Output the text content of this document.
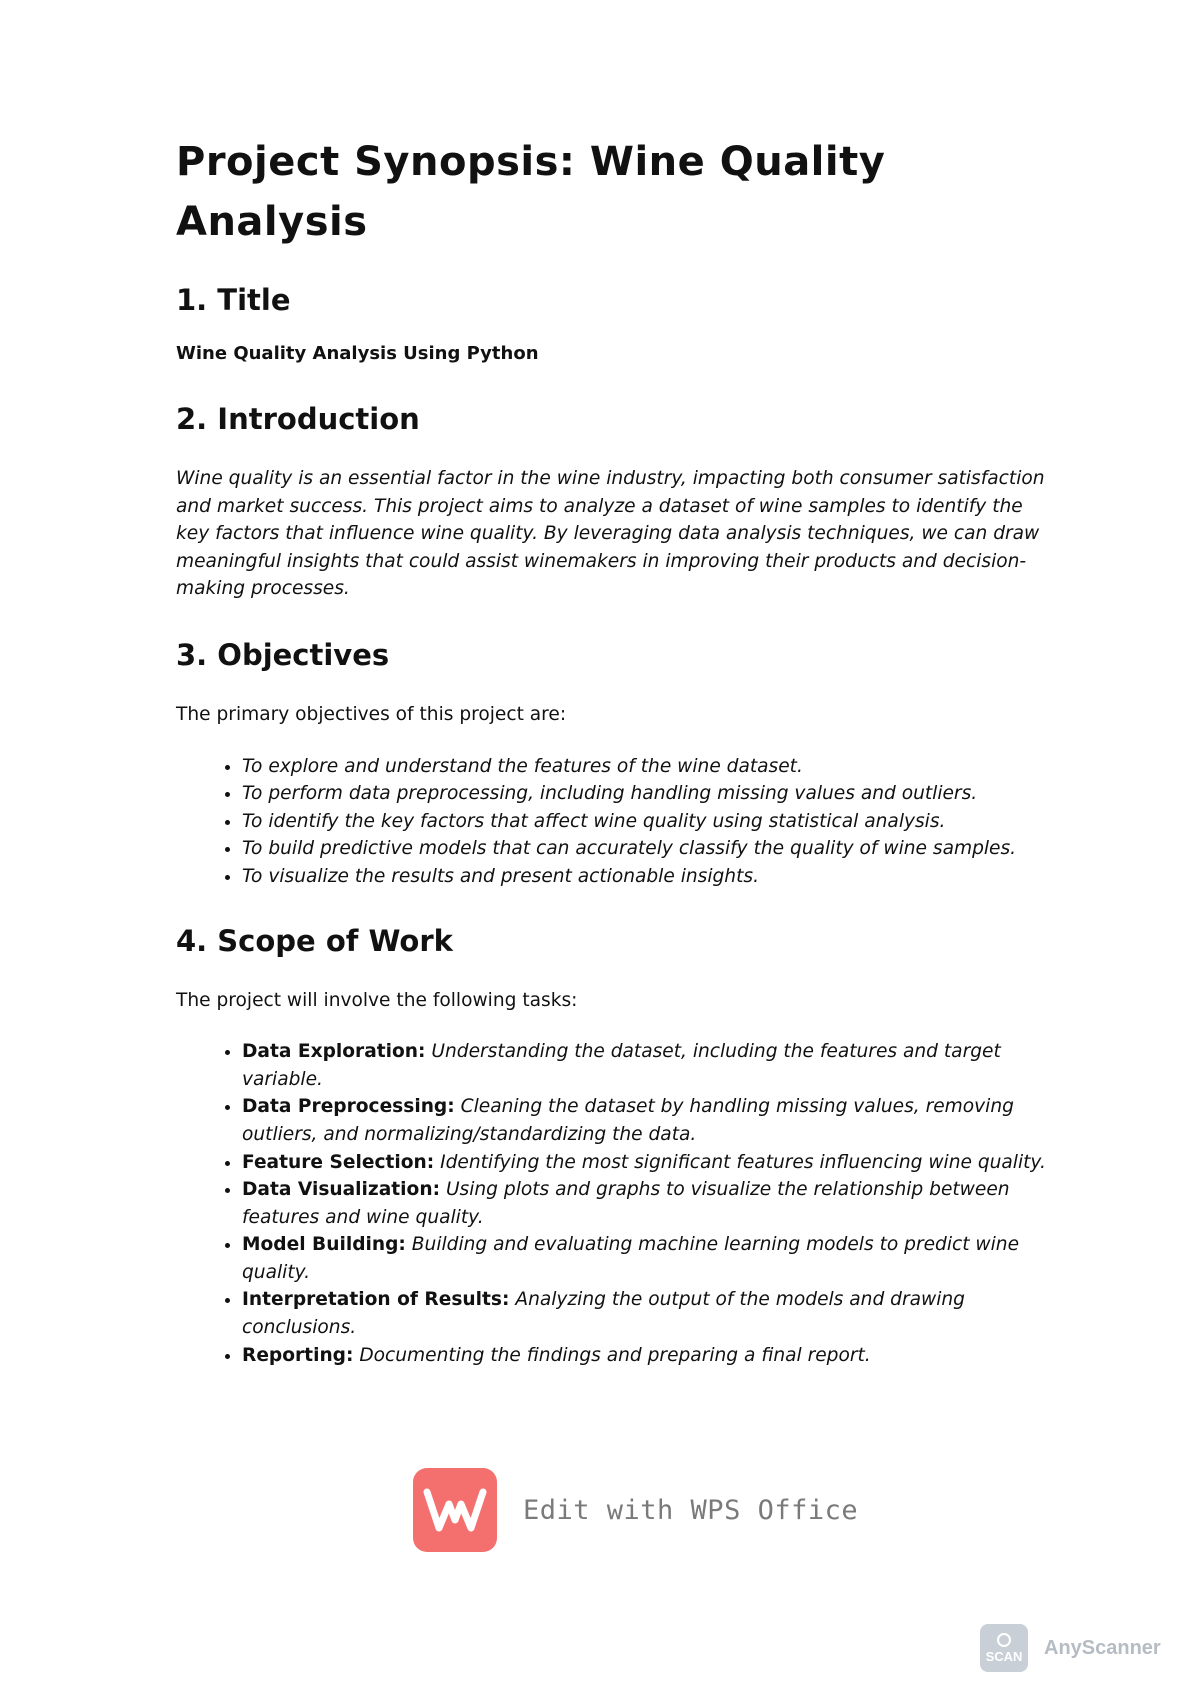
Project Synopsis: Wine Quality Analysis
1. Title
Wine Quality Analysis Using Python
2. Introduction

Wine quality is an essential factor in the wine industry, impacting both consumer satisfaction and market success. This project aims to analyze a dataset of wine samples to identify the key factors that influence wine quality. By leveraging data analysis techniques, we can draw meaningful insights that could assist winemakers in improving their products and decision-making processes.

3. Objectives

The primary objectives of this project are:

• To explore and understand the features of the wine dataset.
• To perform data preprocessing, including handling missing values and outliers.
• To identify the key factors that affect wine quality using statistical analysis.
• To build predictive models that can accurately classify the quality of wine samples.
• To visualize the results and present actionable insights.
4. Scope of Work

The project will involve the following tasks:

• Data Exploration: Understanding the dataset, including the features and target variable.
• Data Preprocessing: Cleaning the dataset by handling missing values, removing outliers, and normalizing/standardizing the data.
• Feature Selection: Identifying the most significant features influencing wine quality.
• Data Visualization: Using plots and graphs to visualize the relationship between features and wine quality.
• Model Building: Building and evaluating machine learning models to predict wine quality.
• Interpretation of Results: Analyzing the output of the models and drawing conclusions.
• Reporting: Documenting the findings and preparing a final report.
Edit with WPS Office
SCAN AnyScanner
